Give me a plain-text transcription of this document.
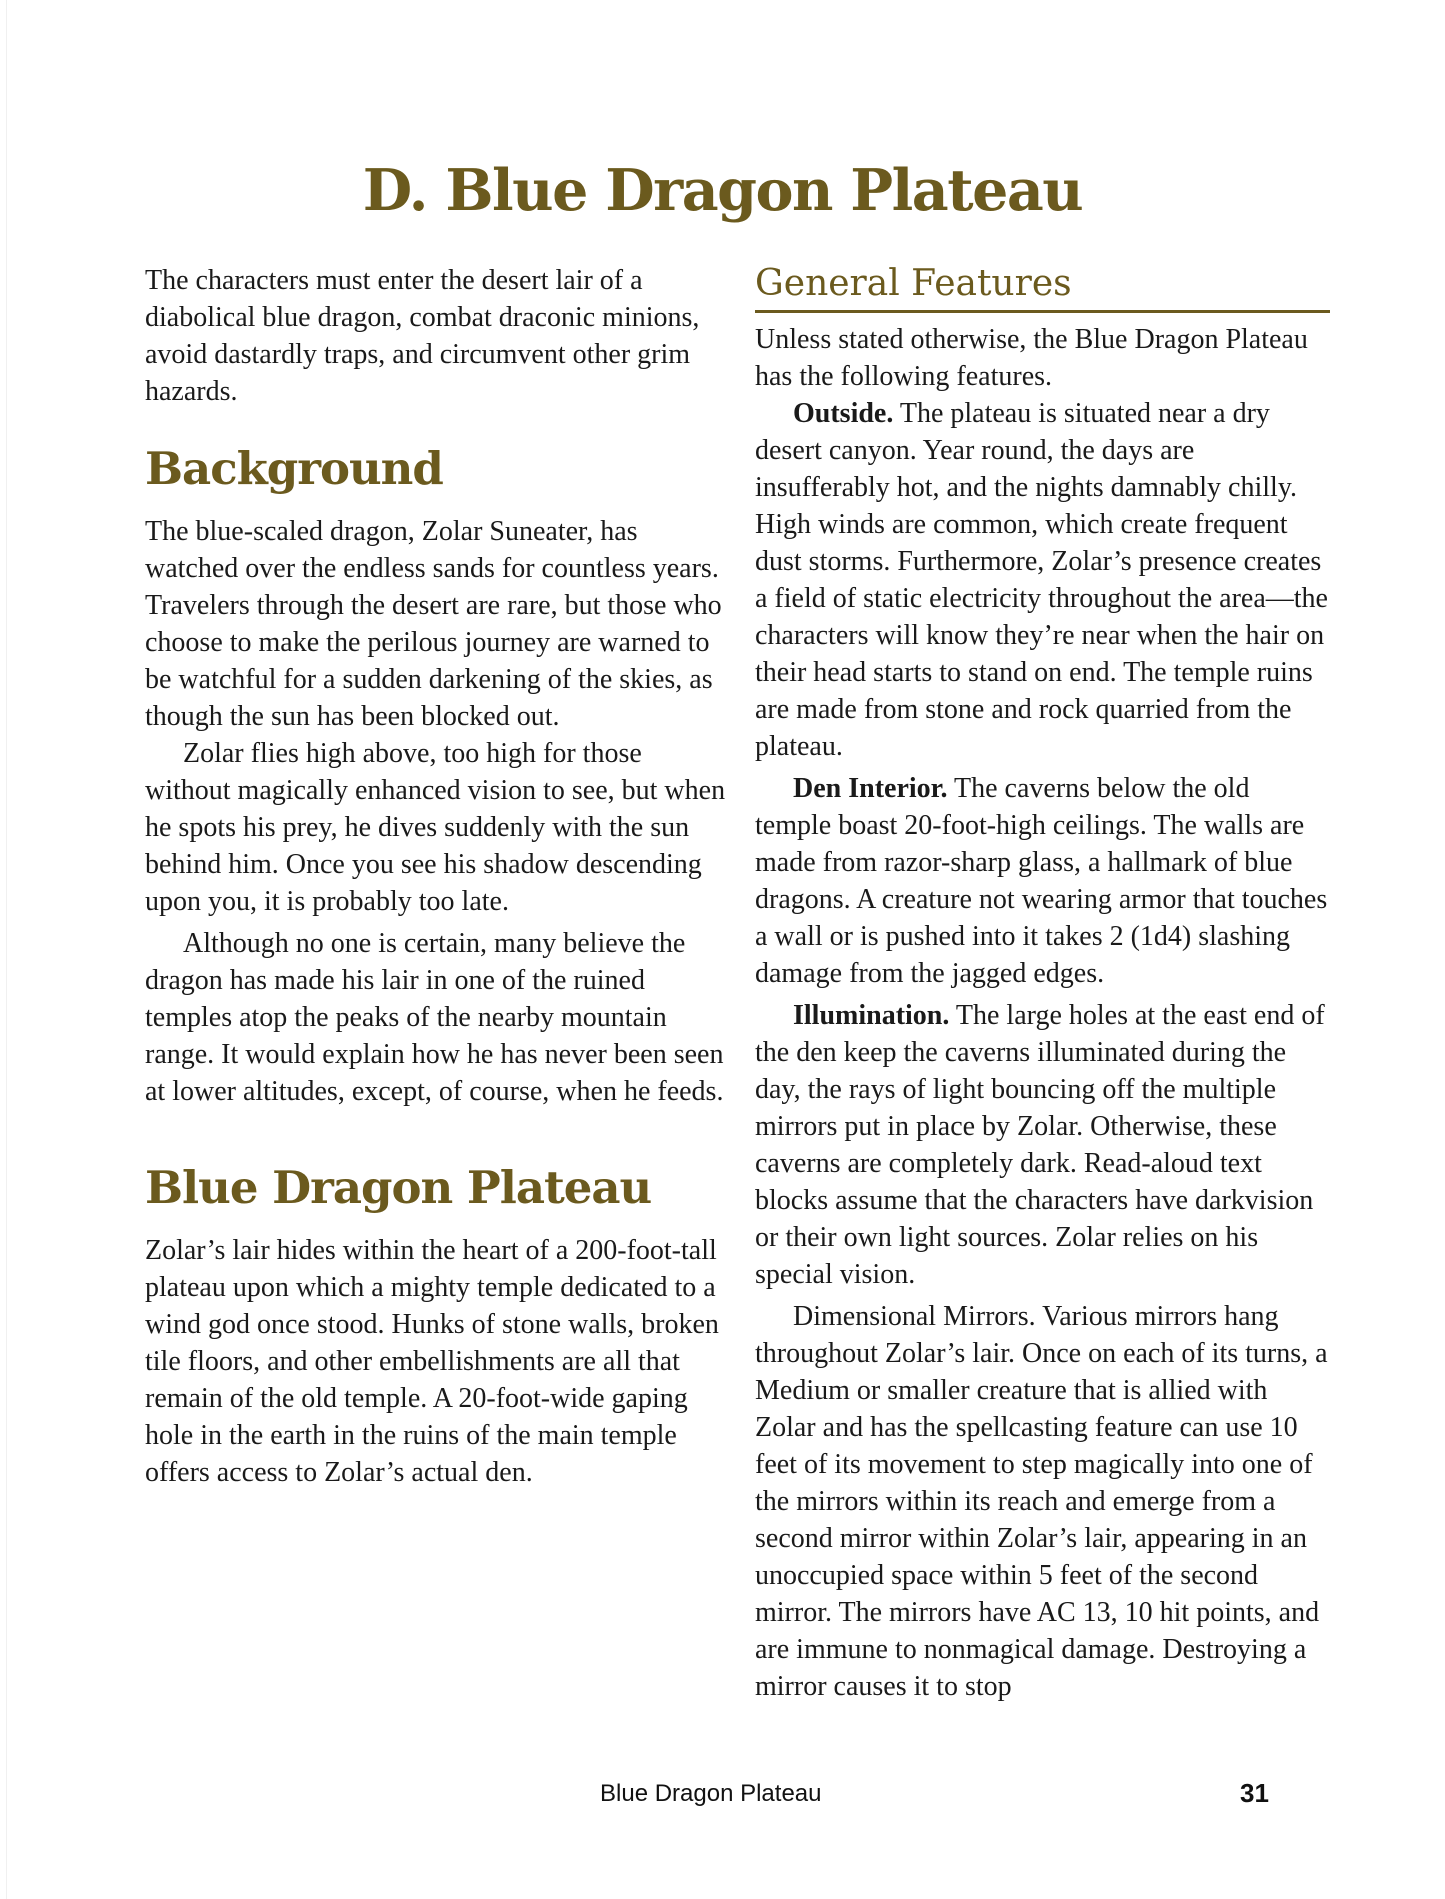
D. Blue Dragon Plateau

The characters must enter the desert lair of a diabolical blue dragon, combat draconic minions, avoid dastardly traps, and circumvent other grim hazards.

Background

The blue-scaled dragon, Zolar Suneater, has watched over the endless sands for countless years. Travelers through the desert are rare, but those who choose to make the perilous journey are warned to be watchful for a sudden darkening of the skies, as though the sun has been blocked out.

Zolar flies high above, too high for those without magically enhanced vision to see, but when he spots his prey, he dives suddenly with the sun behind him. Once you see his shadow descending upon you, it is probably too late.

Although no one is certain, many believe the dragon has made his lair in one of the ruined temples atop the peaks of the nearby mountain range. It would explain how he has never been seen at lower altitudes, except, of course, when he feeds.

Blue Dragon Plateau

Zolar’s lair hides within the heart of a 200-foot-tall plateau upon which a mighty temple dedicated to a wind god once stood. Hunks of stone walls, broken tile floors, and other embellishments are all that remain of the old temple. A 20-foot-wide gaping hole in the earth in the ruins of the main temple offers access to Zolar’s actual den.

General Features

Unless stated otherwise, the Blue Dragon Plateau has the following features.

Outside. The plateau is situated near a dry desert canyon. Year round, the days are insufferably hot, and the nights damnably chilly. High winds are common, which create frequent dust storms. Furthermore, Zolar’s presence creates a field of static electricity throughout the area—the characters will know they’re near when the hair on their head starts to stand on end. The temple ruins are made from stone and rock quarried from the plateau.

Den Interior. The caverns below the old temple boast 20-foot-high ceilings. The walls are made from razor-sharp glass, a hallmark of blue dragons. A creature not wearing armor that touches a wall or is pushed into it takes 2 (1d4) slashing damage from the jagged edges.

Illumination. The large holes at the east end of the den keep the caverns illuminated during the day, the rays of light bouncing off the multiple mirrors put in place by Zolar. Otherwise, these caverns are completely dark. Read-aloud text blocks assume that the characters have darkvision or their own light sources. Zolar relies on his special vision.

Dimensional Mirrors. Various mirrors hang throughout Zolar’s lair. Once on each of its turns, a Medium or smaller creature that is allied with Zolar and has the spellcasting feature can use 10 feet of its movement to step magically into one of the mirrors within its reach and emerge from a second mirror within Zolar’s lair, appearing in an unoccupied space within 5 feet of the second mirror. The mirrors have AC 13, 10 hit points, and are immune to nonmagical damage. Destroying a mirror causes it to stop

Blue Dragon Plateau	31
